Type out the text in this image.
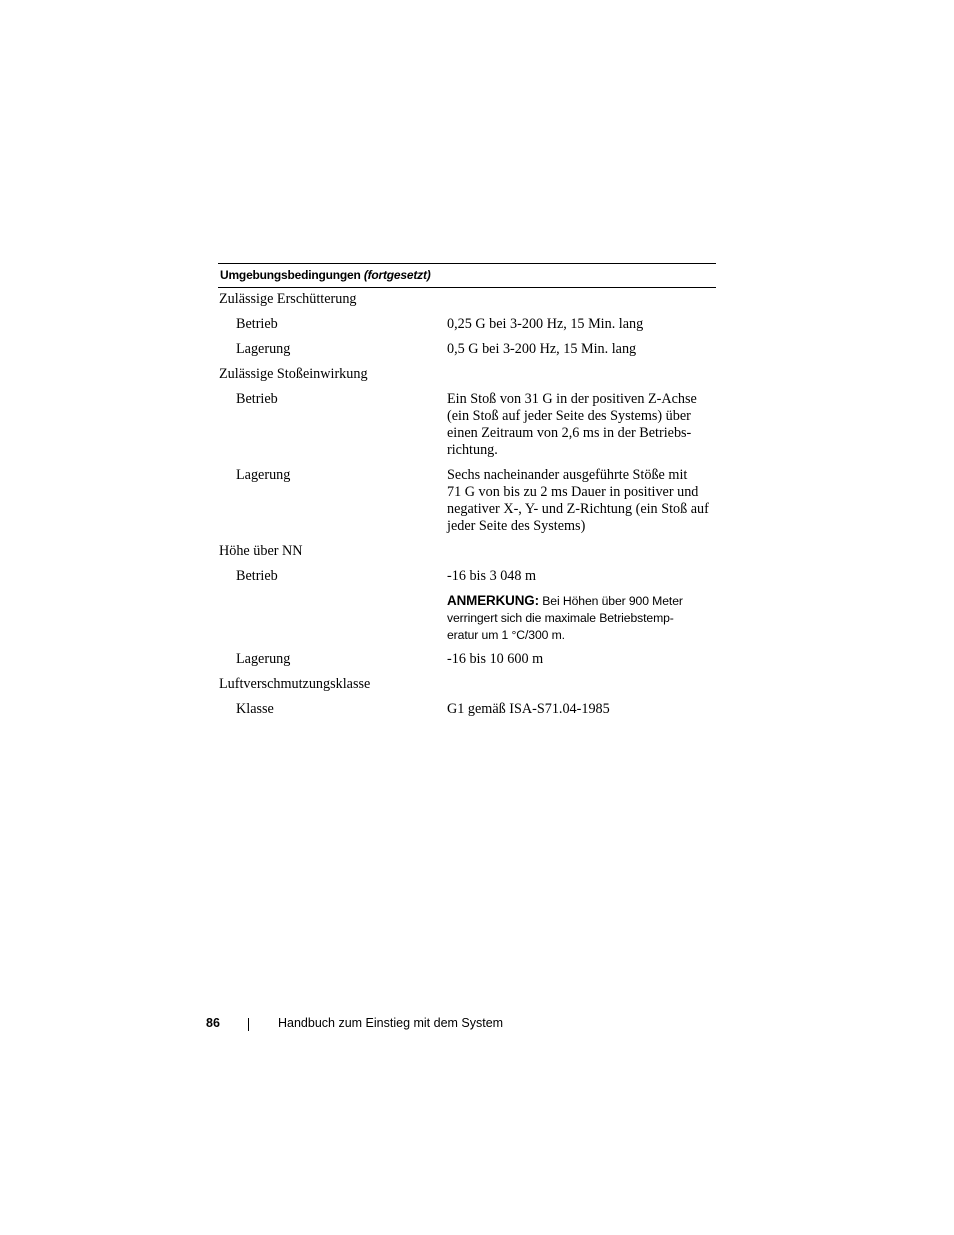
Umgebungsbedingungen (fortgesetzt)
Zulässige Erschütterung
Betrieb	0,25 G bei 3-200 Hz, 15 Min. lang
Lagerung	0,5 G bei 3-200 Hz, 15 Min. lang
Zulässige Stoßeinwirkung
Betrieb	Ein Stoß von 31 G in der positiven Z-Achse
(ein Stoß auf jeder Seite des Systems) über
einen Zeitraum von 2,6 ms in der Betriebs-
richtung.
Lagerung	Sechs nacheinander ausgeführte Stöße mit
71 G von bis zu 2 ms Dauer in positiver und
negativer X-, Y- und Z-Richtung (ein Stoß auf
jeder Seite des Systems)
Höhe über NN
Betrieb	-16 bis 3 048 m
ANMERKUNG: Bei Höhen über 900 Meter
verringert sich die maximale Betriebstemp-
eratur um 1 °C/300 m.
Lagerung	-16 bis 10 600 m
Luftverschmutzungsklasse
Klasse	G1 gemäß ISA-S71.04-1985
86	Handbuch zum Einstieg mit dem System
